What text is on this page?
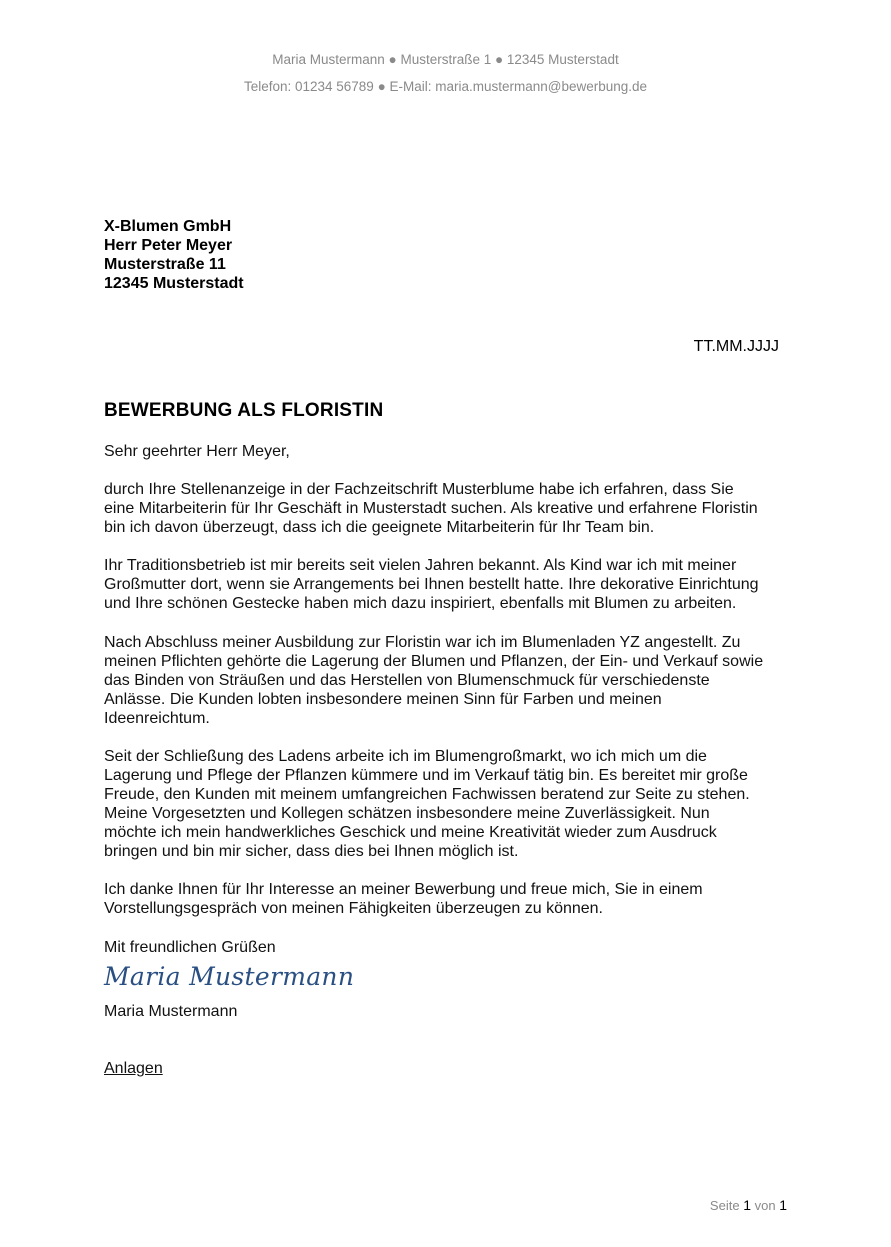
Maria Mustermann ● Musterstraße 1 ● 12345 Musterstadt
Telefon: 01234 56789 ● E-Mail: maria.mustermann@bewerbung.de
X-Blumen GmbH
Herr Peter Meyer
Musterstraße 11
12345 Musterstadt
TT.MM.JJJJ
BEWERBUNG ALS FLORISTIN
Sehr geehrter Herr Meyer,
durch Ihre Stellenanzeige in der Fachzeitschrift Musterblume habe ich erfahren, dass Sie
eine Mitarbeiterin für Ihr Geschäft in Musterstadt suchen. Als kreative und erfahrene Floristin
bin ich davon überzeugt, dass ich die geeignete Mitarbeiterin für Ihr Team bin.
Ihr Traditionsbetrieb ist mir bereits seit vielen Jahren bekannt. Als Kind war ich mit meiner
Großmutter dort, wenn sie Arrangements bei Ihnen bestellt hatte. Ihre dekorative Einrichtung
und Ihre schönen Gestecke haben mich dazu inspiriert, ebenfalls mit Blumen zu arbeiten.
Nach Abschluss meiner Ausbildung zur Floristin war ich im Blumenladen YZ angestellt. Zu
meinen Pflichten gehörte die Lagerung der Blumen und Pflanzen, der Ein- und Verkauf sowie
das Binden von Sträußen und das Herstellen von Blumenschmuck für verschiedenste
Anlässe. Die Kunden lobten insbesondere meinen Sinn für Farben und meinen
Ideenreichtum.
Seit der Schließung des Ladens arbeite ich im Blumengroßmarkt, wo ich mich um die
Lagerung und Pflege der Pflanzen kümmere und im Verkauf tätig bin. Es bereitet mir große
Freude, den Kunden mit meinem umfangreichen Fachwissen beratend zur Seite zu stehen.
Meine Vorgesetzten und Kollegen schätzen insbesondere meine Zuverlässigkeit. Nun
möchte ich mein handwerkliches Geschick und meine Kreativität wieder zum Ausdruck
bringen und bin mir sicher, dass dies bei Ihnen möglich ist.
Ich danke Ihnen für Ihr Interesse an meiner Bewerbung und freue mich, Sie in einem
Vorstellungsgespräch von meinen Fähigkeiten überzeugen zu können.
Mit freundlichen Grüßen
Maria Mustermann
Maria Mustermann
Anlagen
Seite 1 von 1
